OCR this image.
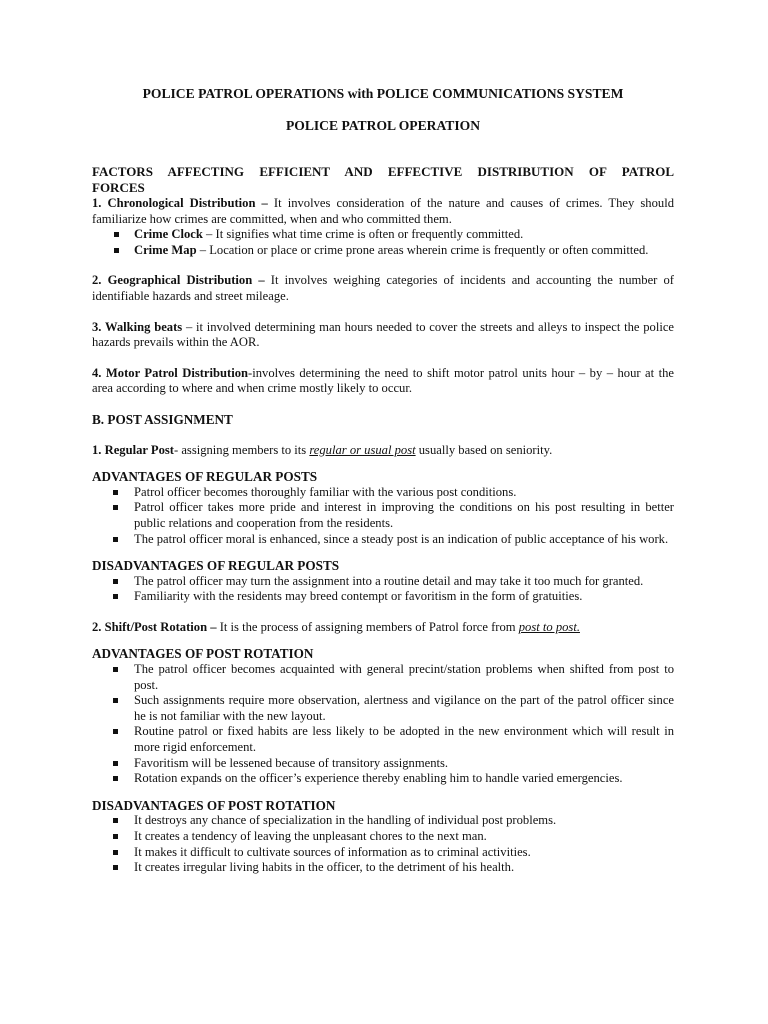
POLICE PATROL OPERATIONS with POLICE COMMUNICATIONS SYSTEM
POLICE PATROL OPERATION
FACTORS AFFECTING EFFICIENT AND EFFECTIVE DISTRIBUTION OF PATROL
FORCES

1. Chronological Distribution – It involves consideration of the nature and causes of crimes. They should familiarize how crimes are committed, when and who committed them.

Crime Clock – It signifies what time crime is often or frequently committed.
Crime Map – Location or place or crime prone areas wherein crime is frequently or often committed.

2. Geographical Distribution – It involves weighing categories of incidents and accounting the number of identifiable hazards and street mileage.

3. Walking beats – it involved determining man hours needed to cover the streets and alleys to inspect the police hazards prevails within the AOR.

4. Motor Patrol Distribution-involves determining the need to shift motor patrol units hour – by – hour at the area according to where and when crime mostly likely to occur.

B. POST ASSIGNMENT

1. Regular Post- assigning members to its regular or usual post usually based on seniority.

ADVANTAGES OF REGULAR POSTS
Patrol officer becomes thoroughly familiar with the various post conditions.
Patrol officer takes more pride and interest in improving the conditions on his post resulting in better public relations and cooperation from the residents.
The patrol officer moral is enhanced, since a steady post is an indication of public acceptance of his work.
DISADVANTAGES OF REGULAR POSTS
The patrol officer may turn the assignment into a routine detail and may take it too much for granted.
Familiarity with the residents may breed contempt or favoritism in the form of gratuities.

2. Shift/Post Rotation – It is the process of assigning members of Patrol force from post to post.

ADVANTAGES OF POST ROTATION
The patrol officer becomes acquainted with general precint/station problems when shifted from post to post.
Such assignments require more observation, alertness and vigilance on the part of the patrol officer since he is not familiar with the new layout.
Routine patrol or fixed habits are less likely to be adopted in the new environment which will result in more rigid enforcement.
Favoritism will be lessened because of transitory assignments.
Rotation expands on the officer’s experience thereby enabling him to handle varied emergencies.
DISADVANTAGES OF POST ROTATION
It destroys any chance of specialization in the handling of individual post problems.
It creates a tendency of leaving the unpleasant chores to the next man.
It makes it difficult to cultivate sources of information as to criminal activities.
It creates irregular living habits in the officer, to the detriment of his health.
